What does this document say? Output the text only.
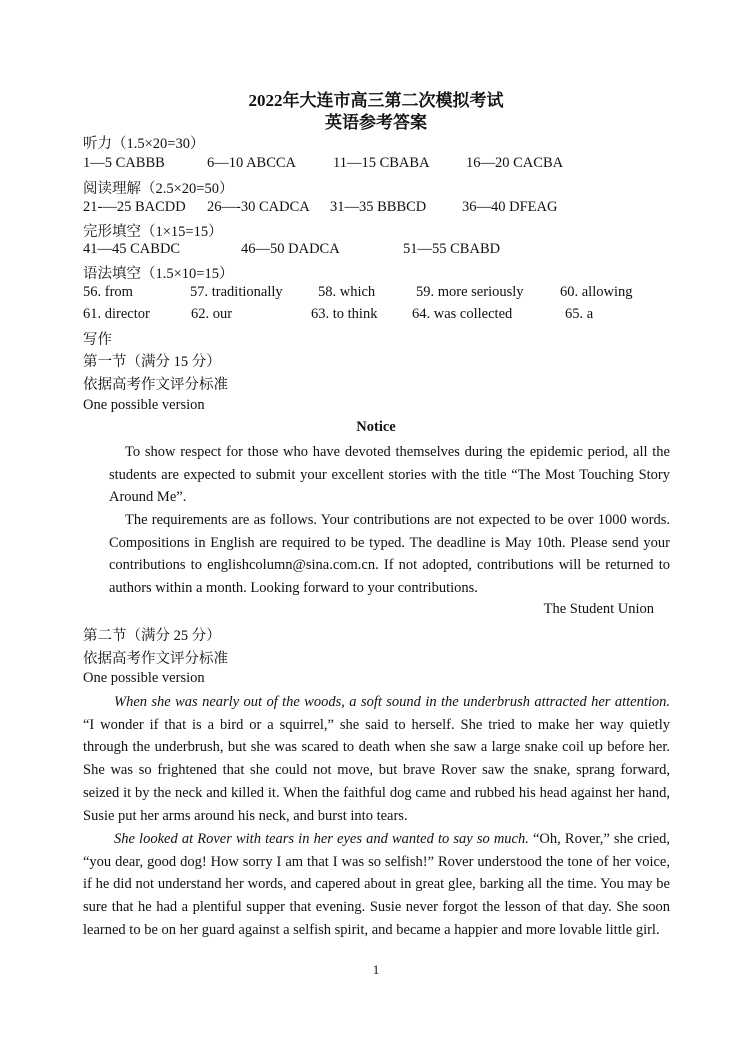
2022年大连市高三第二次模拟考试
英语参考答案
听力（1.5×20=30）
1—5 CABBB	6—10 ABCCA	11—15 CBABA	16—20 CACBA
阅读理解（2.5×20=50）
21-—25 BACDD 26—-30 CADCA 31—35 BBBCD 36—40 DFEAG
完形填空（1×15=15）
41—45 CABDC	46—50 DADCA	51—55 CBABD
语法填空（1.5×10=15）
56. from	57. traditionally 58. which	59. more seriously	60. allowing
61. director	62. our	63. to think 64. was collected	65. a
写作
第一节（满分 15 分）
依据高考作文评分标准
One possible version
Notice

To show respect for those who have devoted themselves during the epidemic period, all the students are expected to submit your excellent stories with the title “The Most Touching Story Around Me”.

The requirements are as follows. Your contributions are not expected to be over 1000 words. Compositions in English are required to be typed. The deadline is May 10th. Please send your contributions to englishcolumn@sina.com.cn. If not adopted, contributions will be returned to authors within a month. Looking forward to your contributions.

The Student Union
第二节（满分 25 分）
依据高考作文评分标准
One possible version

When she was nearly out of the woods, a soft sound in the underbrush attracted her attention. “I wonder if that is a bird or a squirrel,” she said to herself. She tried to make her way quietly through the underbrush, but she was scared to death when she saw a large snake coil up before her. She was so frightened that she could not move, but brave Rover saw the snake, sprang forward, seized it by the neck and killed it. When the faithful dog came and rubbed his head against her hand, Susie put her arms around his neck, and burst into tears.

She looked at Rover with tears in her eyes and wanted to say so much. “Oh, Rover,” she cried, “you dear, good dog! How sorry I am that I was so selfish!” Rover understood the tone of her voice, if he did not understand her words, and capered about in great glee, barking all the time. You may be sure that he had a plentiful supper that evening. Susie never forgot the lesson of that day. She soon learned to be on her guard against a selfish spirit, and became a happier and more lovable little girl.

1
